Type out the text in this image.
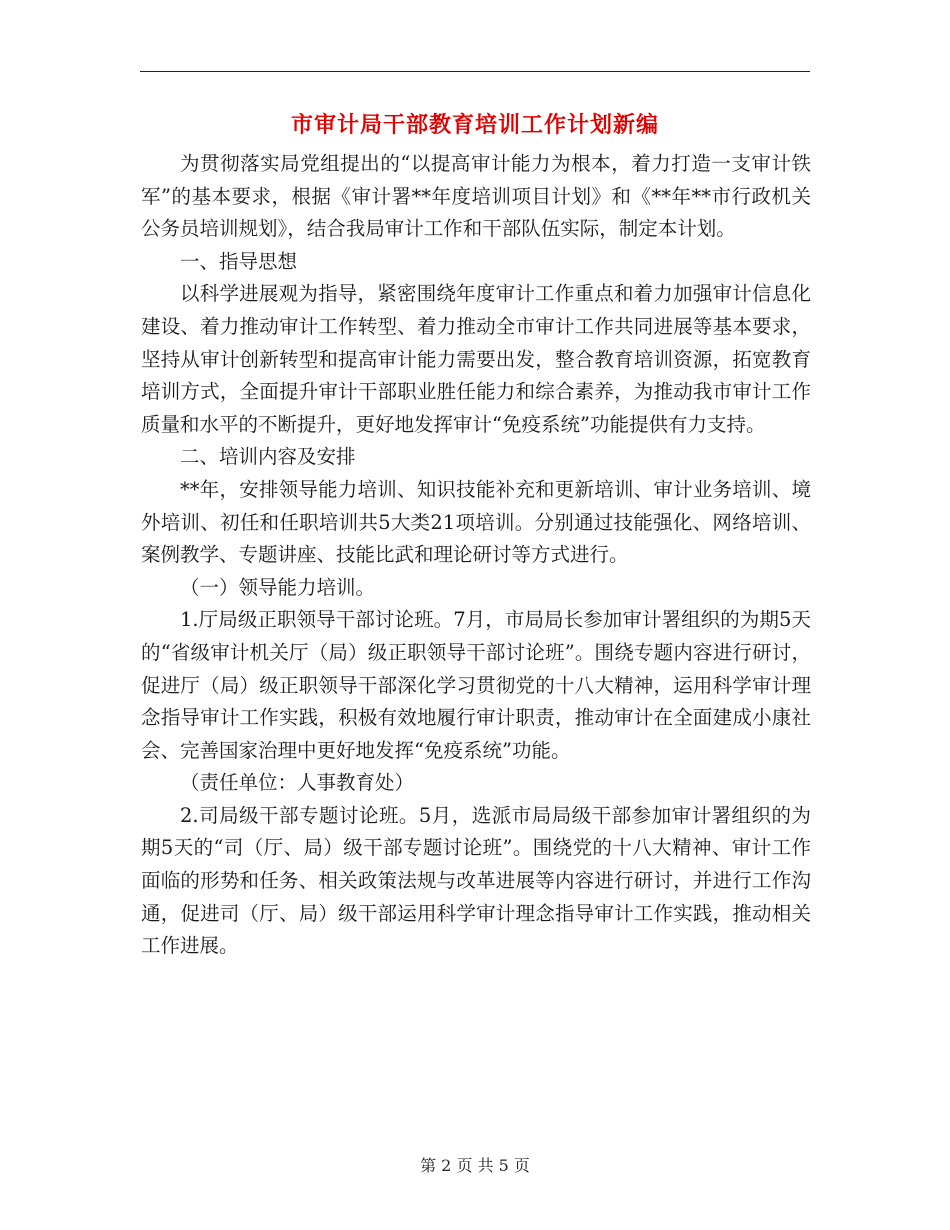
市审计局干部教育培训工作计划新编

为贯彻落实局党组提出的“以提高审计能力为根本，着力打造一支审计铁军”的基本要求，根据《审计署**年度培训项目计划》和《**年**市行政机关公务员培训规划》，结合我局审计工作和干部队伍实际，制定本计划。

一、指导思想

以科学进展观为指导，紧密围绕年度审计工作重点和着力加强审计信息化建设、着力推动审计工作转型、着力推动全市审计工作共同进展等基本要求，坚持从审计创新转型和提高审计能力需要出发，整合教育培训资源，拓宽教育培训方式，全面提升审计干部职业胜任能力和综合素养，为推动我市审计工作质量和水平的不断提升，更好地发挥审计“免疫系统”功能提供有力支持。

二、培训内容及安排

**年，安排领导能力培训、知识技能补充和更新培训、审计业务培训、境外培训、初任和任职培训共5大类21项培训。分别通过技能强化、网络培训、案例教学、专题讲座、技能比武和理论研讨等方式进行。

（一）领导能力培训。

1.厅局级正职领导干部讨论班。7月，市局局长参加审计署组织的为期5天的“省级审计机关厅（局）级正职领导干部讨论班”。围绕专题内容进行研讨，促进厅（局）级正职领导干部深化学习贯彻党的十八大精神，运用科学审计理念指导审计工作实践，积极有效地履行审计职责，推动审计在全面建成小康社会、完善国家治理中更好地发挥“免疫系统”功能。

（责任单位：人事教育处）

2.司局级干部专题讨论班。5月，选派市局局级干部参加审计署组织的为期5天的“司（厅、局）级干部专题讨论班”。围绕党的十八大精神、审计工作面临的形势和任务、相关政策法规与改革进展等内容进行研讨，并进行工作沟通，促进司（厅、局）级干部运用科学审计理念指导审计工作实践，推动相关工作进展。

第 2 页 共 5 页
